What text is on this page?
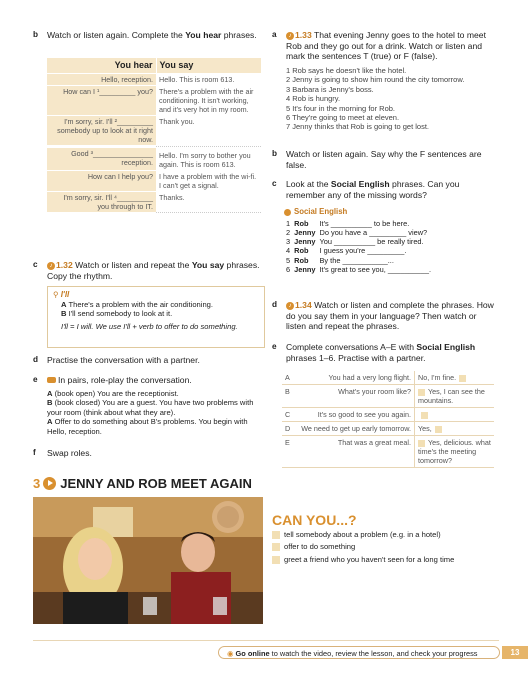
b Watch or listen again. Complete the You hear phrases.
You hear	You say
Hello, reception.	Hello. This is room 613.
How can I ¹_________ you?	There's a problem with the air conditioning. It isn't working, and it's very hot in my room.
I'm sorry, sir. I'll ²_________ somebody up to look at it right now.	Thank you.
Good ³_______________ reception.	Hello. I'm sorry to bother you again. This is room 613.
How can I help you?	I have a problem with the wi-fi. I can't get a signal.
I'm sorry, sir. I'll ⁴_________ you through to IT.	Thanks.
c	♪ 1.32 Watch or listen and repeat the You say phrases. Copy the rhythm.
⚲ I'll
A There's a problem with the air conditioning.
B I'll send somebody to look at it.
I'll = I will. We use I'll + verb to offer to do something.
d Practise the conversation with a partner.
e	In pairs, role-play the conversation.
A (book open) You are the receptionist.
B (book closed) You are a guest. You have two problems with your room (think about what they are).
A Offer to do something about B's problems. You begin with Hello, reception.
f Swap roles.
3 JENNY AND ROB MEET AGAIN
a	♪ 1.33 That evening Jenny goes to the hotel to meet Rob and they go out for a drink. Watch or listen and mark the sentences T (true) or F (false).
1 Rob says he doesn't like the hotel.
2 Jenny is going to show him round the city tomorrow.
3 Barbara is Jenny's boss.
4 Rob is hungry.
5 It's four in the morning for Rob.
6 They're going to meet at eleven.
7 Jenny thinks that Rob is going to get lost.
b Watch or listen again. Say why the F sentences are false.
c Look at the Social English phrases. Can you remember any of the missing words?
Social English
1	Rob	It's __________ to be here.
2	Jenny	Do you have a _________ view?
3	Jenny	You __________ be really tired.
4	Rob	I guess you're _________.
5	Rob	By the ___________...
6	Jenny	It's great to see you, __________.
d	♪ 1.34 Watch or listen and complete the phrases. How do you say them in your language? Then watch or listen and repeat the phrases.
e Complete conversations A–E with Social English phrases 1–6. Practise with a partner.
A	You had a very long flight.	No, I'm fine.
B	What's your room like?	Yes, I can see the mountains.
C	It's so good to see you again.	
D	We need to get up early tomorrow.	Yes,
E	That was a great meal.	Yes, delicious. what time's the meeting tomorrow?
CAN YOU...?
tell somebody about a problem (e.g. in a hotel)
offer to do something
greet a friend who you haven't seen for a long time
◉ Go online to watch the video, review the lesson, and check your progress	13
